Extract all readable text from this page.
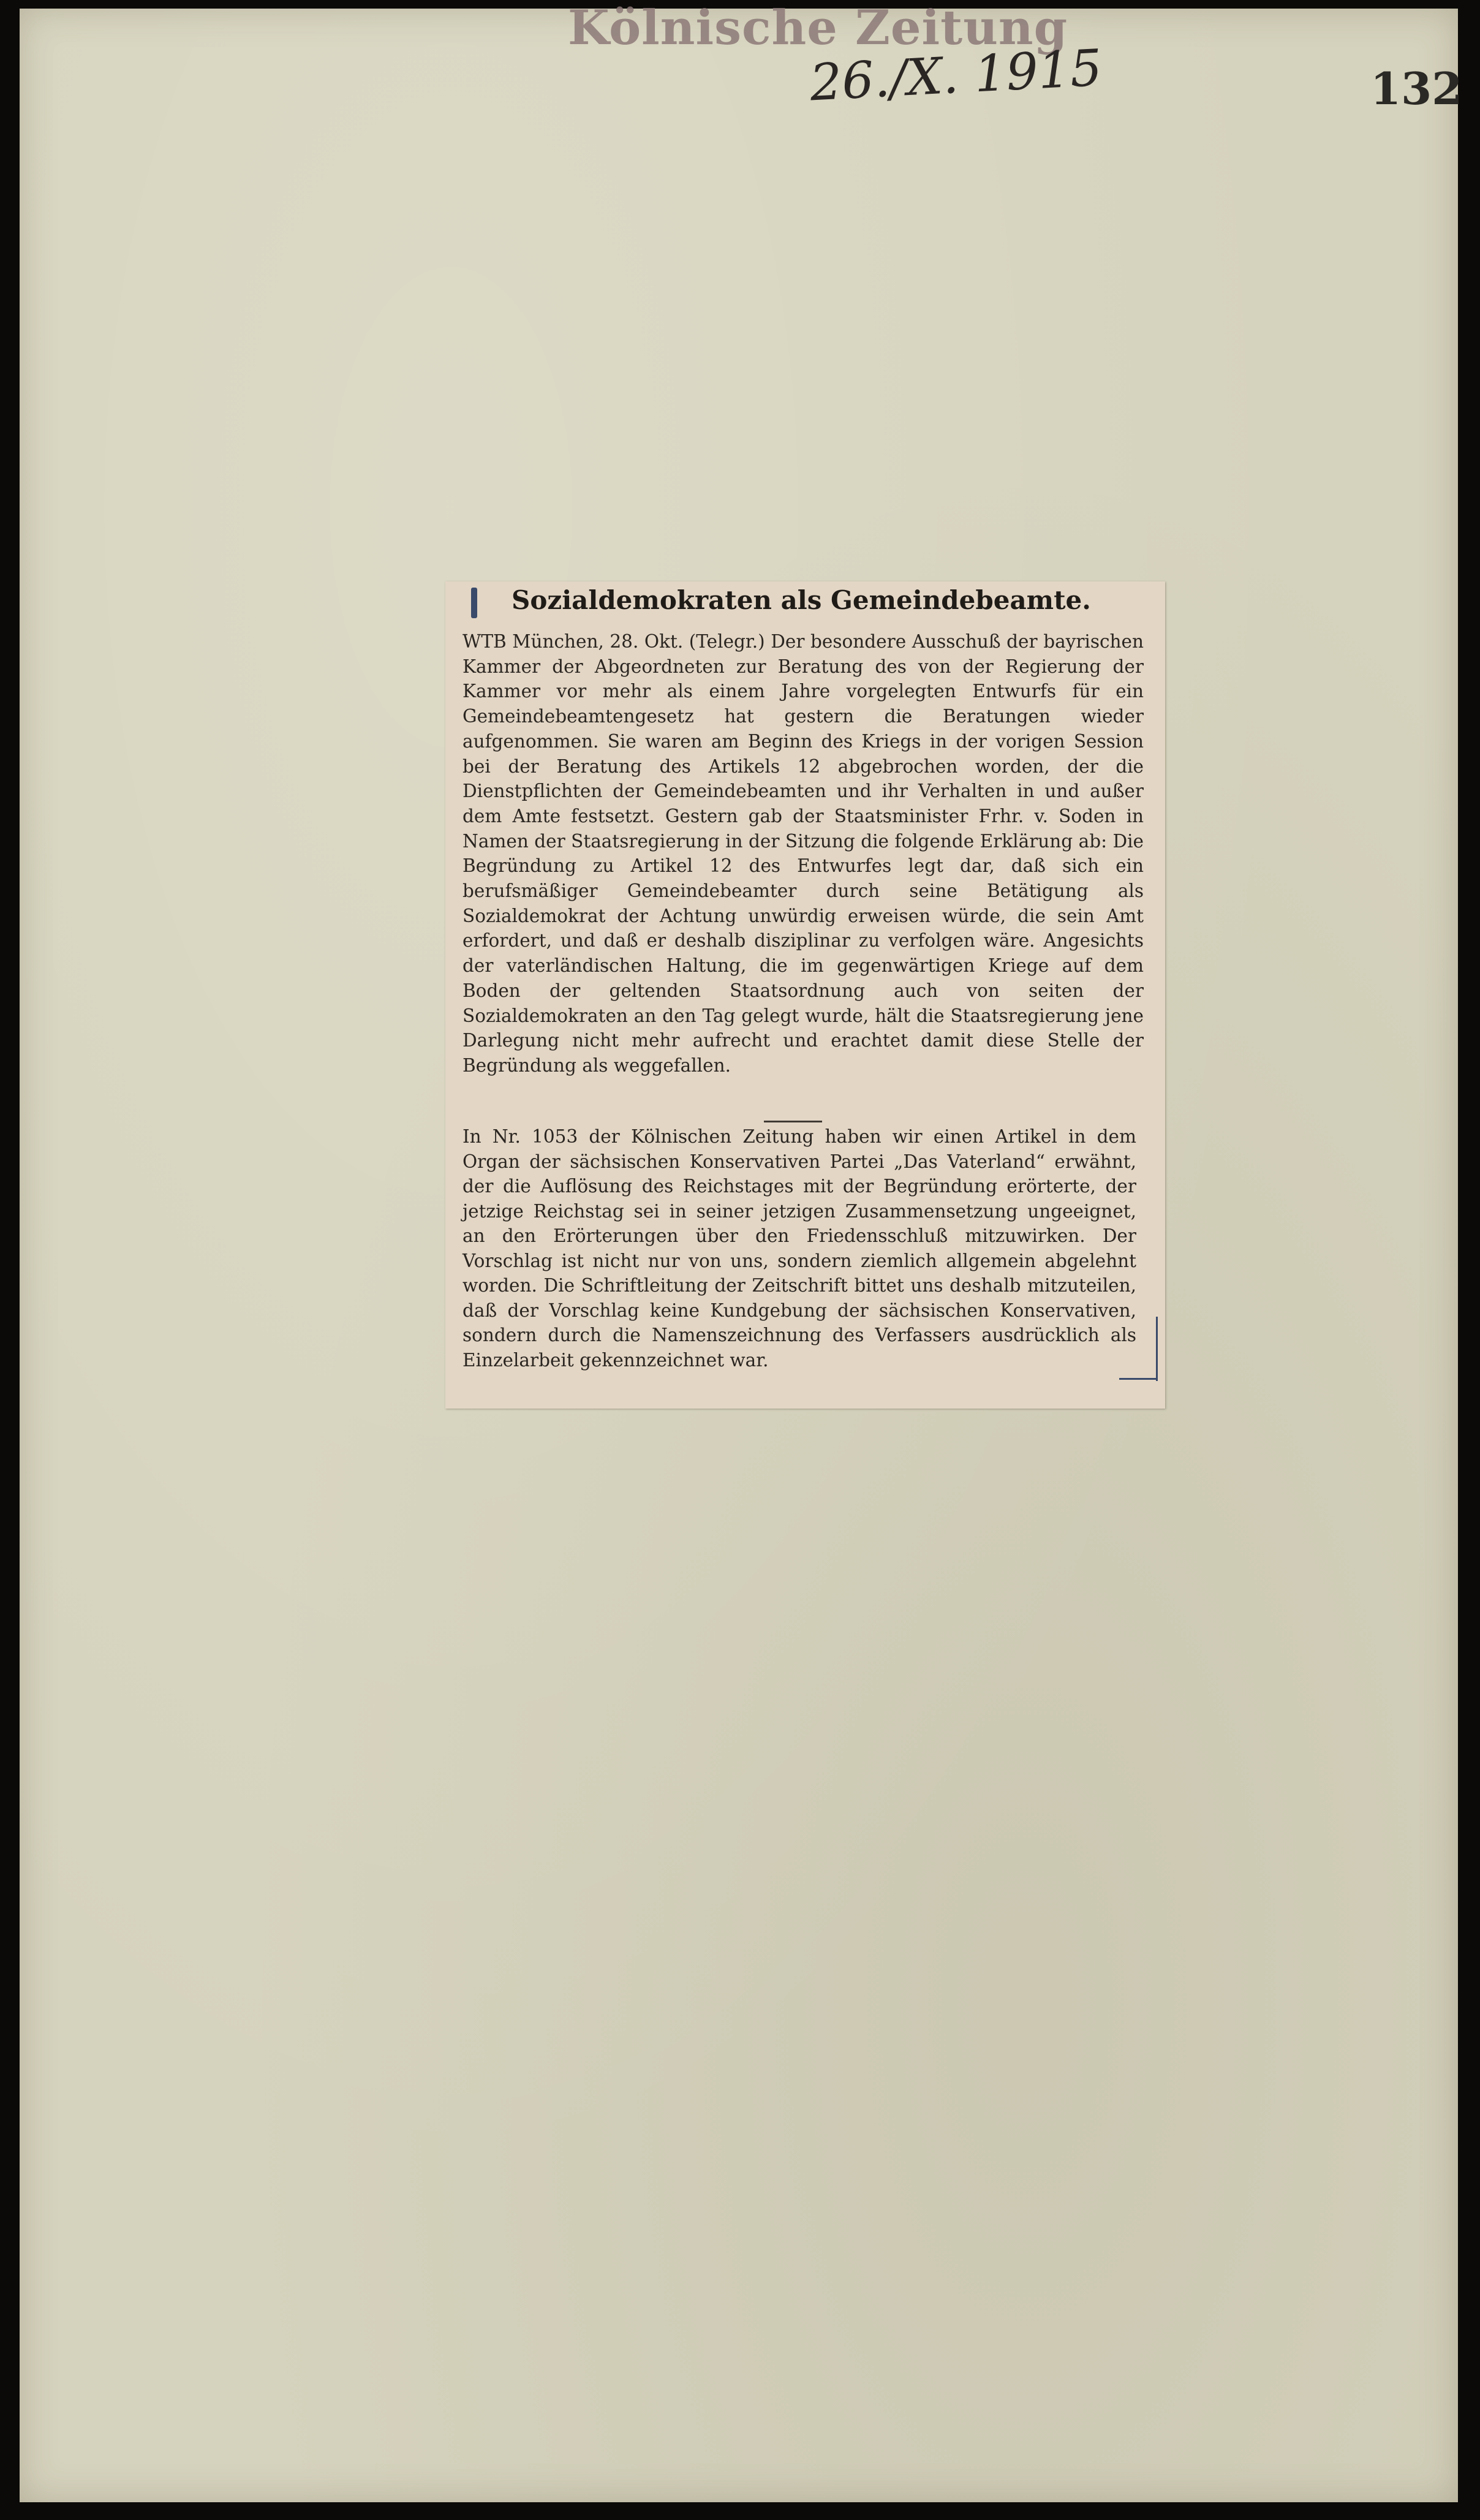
Kölnische Zeitung
26./X. 1915	132
Sozialdemokraten als Gemeindebeamte.

WTB München, 28. Okt. (Telegr.) Der besondere Ausschuß der bayrischen Kammer der Abgeordneten zur Beratung des von der Regierung der Kammer vor mehr als einem Jahre vorgelegten Entwurfs für ein Gemeindebeamtengesetz hat gestern die Beratungen wieder aufgenommen. Sie waren am Beginn des Kriegs in der vorigen Session bei der Beratung des Artikels 12 abgebrochen worden, der die Dienstpflichten der Gemeindebeamten und ihr Verhalten in und außer dem Amte festsetzt. Gestern gab der Staatsminister Frhr. v. Soden in Namen der Staatsregierung in der Sitzung die folgende Erklärung ab: Die Begründung zu Artikel 12 des Entwurfes legt dar, daß sich ein berufsmäßiger Gemeindebeamter durch seine Betätigung als Sozialdemokrat der Achtung unwürdig erweisen würde, die sein Amt erfordert, und daß er deshalb disziplinar zu verfolgen wäre. Angesichts der vaterländischen Haltung, die im gegenwärtigen Kriege auf dem Boden der geltenden Staatsordnung auch von seiten der Sozialdemokraten an den Tag gelegt wurde, hält die Staatsregierung jene Darlegung nicht mehr aufrecht und erachtet damit diese Stelle der Begründung als weggefallen.

In Nr. 1053 der Kölnischen Zeitung haben wir einen Artikel in dem Organ der sächsischen Konservativen Partei „Das Vaterland“ erwähnt, der die Auflösung des Reichstages mit der Begründung erörterte, der jetzige Reichstag sei in seiner jetzigen Zusammensetzung ungeeignet, an den Erörterungen über den Friedensschluß mitzuwirken. Der Vorschlag ist nicht nur von uns, sondern ziemlich allgemein abgelehnt worden. Die Schriftleitung der Zeitschrift bittet uns deshalb mitzuteilen, daß der Vorschlag keine Kundgebung der sächsischen Konservativen, sondern durch die Namenszeichnung des Verfassers ausdrücklich als Einzelarbeit gekennzeichnet war.
